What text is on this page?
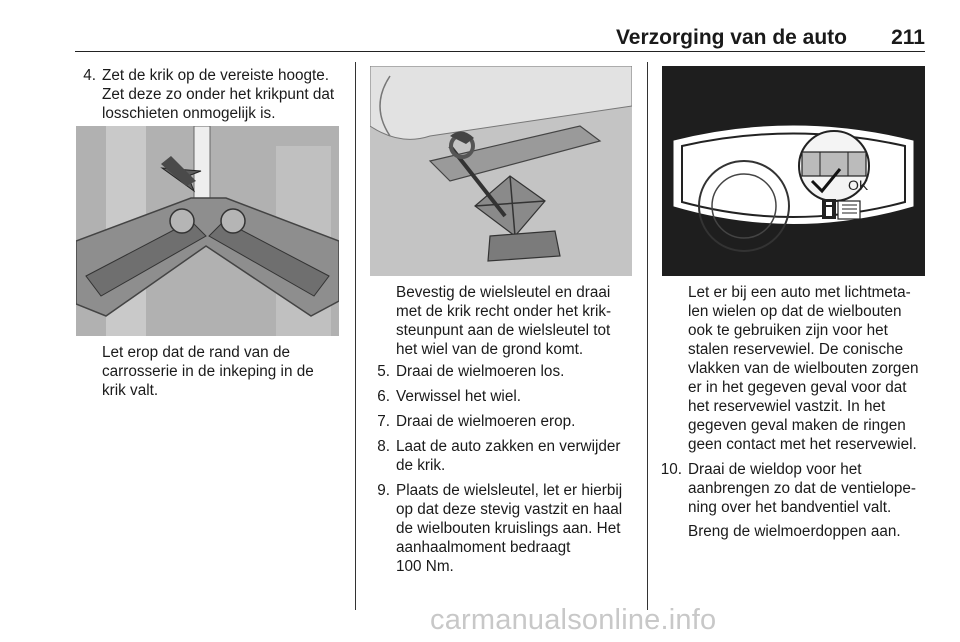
Verzorging van de auto 211
4. Zet de krik op de vereiste hoogte.
Zet deze zo onder het krikpunt dat
losschieten onmogelijk is.
Let erop dat de rand van de
carrosserie in de inkeping in de
krik valt.
Bevestig de wielsleutel en draai
met de krik recht onder het krik-
steunpunt aan de wielsleutel tot
het wiel van de grond komt.
5. Draai de wielmoeren los.
6. Verwissel het wiel.
7. Draai de wielmoeren erop.
8. Laat de auto zakken en verwijder
de krik.
9. Plaats de wielsleutel, let er hierbij
op dat deze stevig vastzit en haal
de wielbouten kruislings aan. Het
aanhaalmoment bedraagt
100 Nm.
OK
Let er bij een auto met lichtmeta-
len wielen op dat de wielbouten
ook te gebruiken zijn voor het
stalen reservewiel. De conische
vlakken van de wielbouten zorgen
er in het gegeven geval voor dat
het reservewiel vastzit. In het
gegeven geval maken de ringen
geen contact met het reservewiel.
10. Draai de wieldop voor het
aanbrengen zo dat de ventielope-
ning over het bandventiel valt.
Breng de wielmoerdoppen aan.
carmanualsonline.info
